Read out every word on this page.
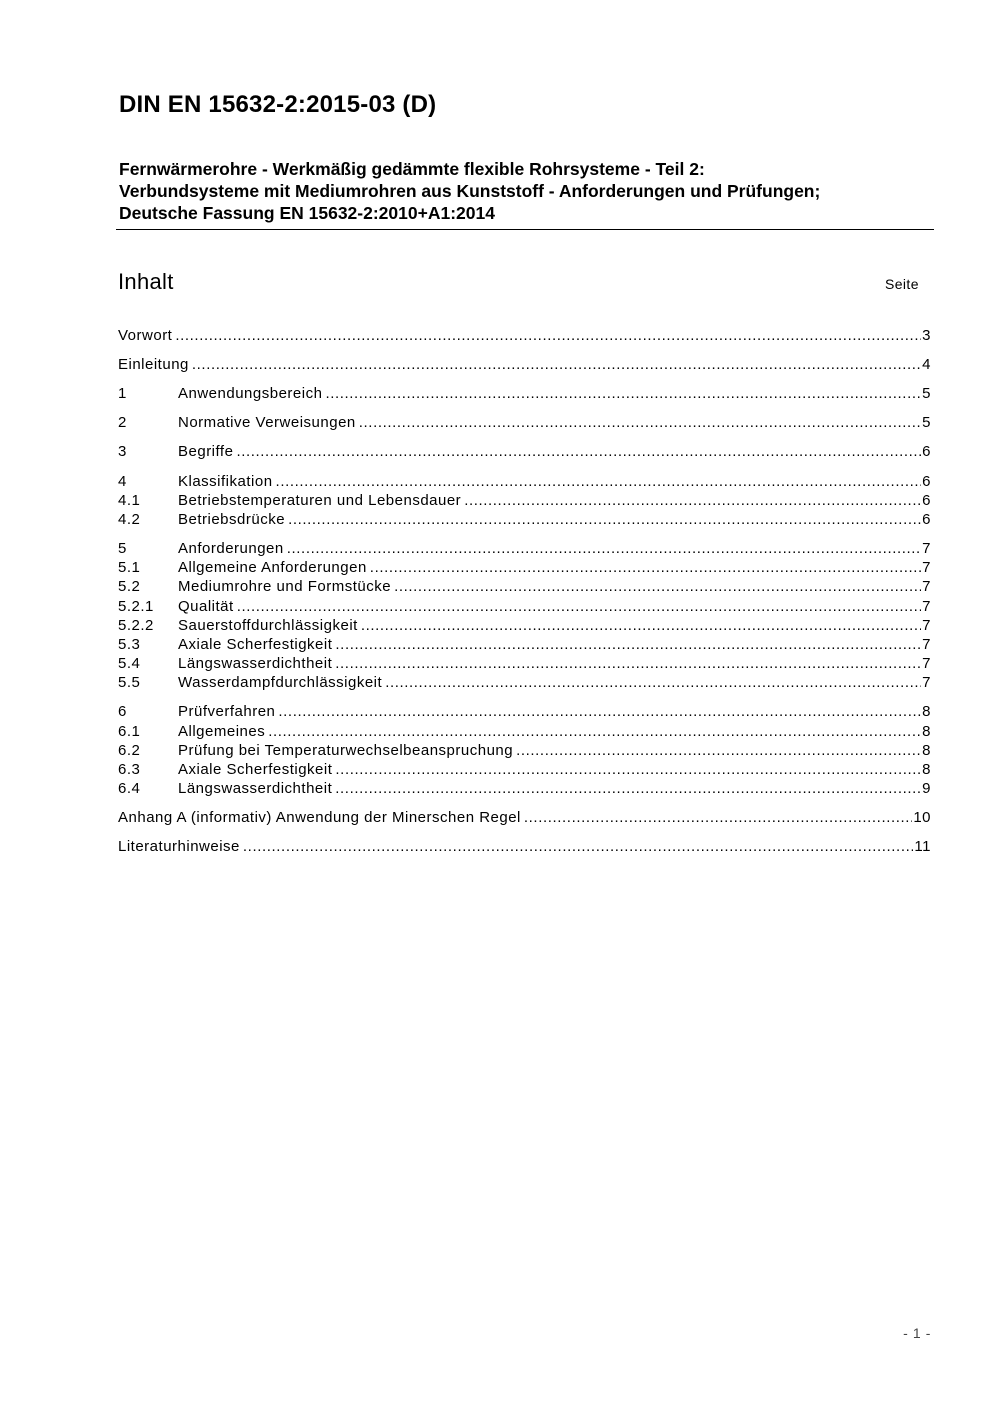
DIN EN 15632-2:2015-03 (D)
Fernwärmerohre - Werkmäßig gedämmte flexible Rohrsysteme - Teil 2:
Verbundsysteme mit Mediumrohren aus Kunststoff - Anforderungen und Prüfungen;
Deutsche Fassung EN 15632-2:2010+A1:2014
Inhalt	Seite
Vorwort .....	3
Einleitung .....	4
1	Anwendungsbereich .....	5
2	Normative Verweisungen .....	5
3	Begriffe .....	6
4	Klassifikation .....	6
4.1	Betriebstemperaturen und Lebensdauer .....	6
4.2	Betriebsdrücke .....	6
5	Anforderungen .....	7
5.1	Allgemeine Anforderungen .....	7
5.2	Mediumrohre und Formstücke .....	7
5.2.1	Qualität .....	7
5.2.2	Sauerstoffdurchlässigkeit .....	7
5.3	Axiale Scherfestigkeit .....	7
5.4	Längswasserdichtheit .....	7
5.5	Wasserdampfdurchlässigkeit .....	7
6	Prüfverfahren .....	8
6.1	Allgemeines .....	8
6.2	Prüfung bei Temperaturwechselbeanspruchung .....	8
6.3	Axiale Scherfestigkeit .....	8
6.4	Längswasserdichtheit .....	9
Anhang A (informativ) Anwendung der Minerschen Regel .....	10
Literaturhinweise .....	11
- 1 -
